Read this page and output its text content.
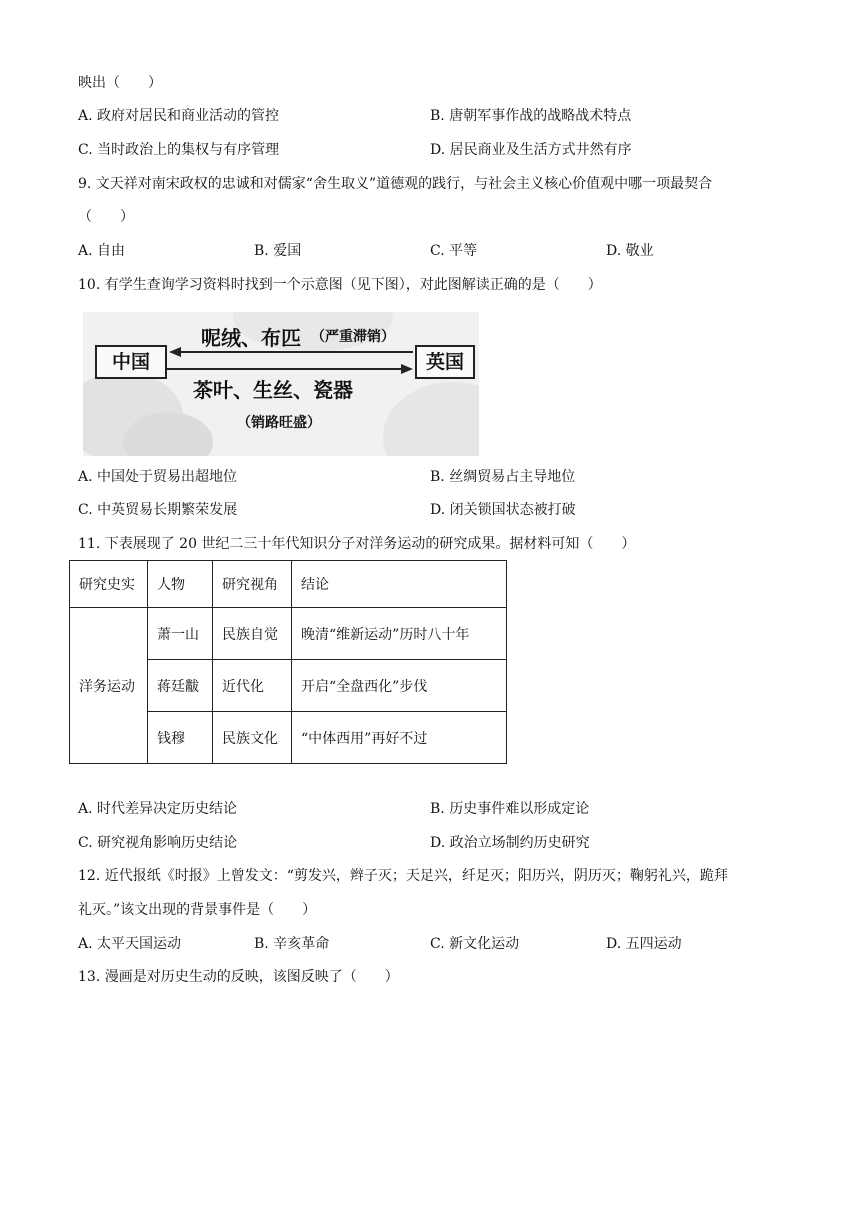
映出（　　）
A. 政府对居民和商业活动的管控	B. 唐朝军事作战的战略战术特点
C. 当时政治上的集权与有序管理	D. 居民商业及生活方式井然有序
9. 文天祥对南宋政权的忠诚和对儒家“舍生取义”道德观的践行，与社会主义核心价值观中哪一项最契合
（　　）
A. 自由	B. 爱国	C. 平等	D. 敬业
10. 有学生查询学习资料时找到一个示意图（见下图），对此图解读正确的是（　　）
中国	英国
呢绒、布匹 （严重滞销）
茶叶、生丝、瓷器
（销路旺盛）
A. 中国处于贸易出超地位	B. 丝绸贸易占主导地位
C. 中英贸易长期繁荣发展	D. 闭关锁国状态被打破
11. 下表展现了 20 世纪二三十年代知识分子对洋务运动的研究成果。据材料可知（　　）
研究史实	人物	研究视角	结论
洋务运动	萧一山	民族自觉	晚清“维新运动”历时八十年
	蒋廷黻	近代化	开启“全盘西化”步伐
	钱穆	民族文化	“中体西用”再好不过
A. 时代差异决定历史结论	B. 历史事件难以形成定论
C. 研究视角影响历史结论	D. 政治立场制约历史研究
12. 近代报纸《时报》上曾发文：“剪发兴，辫子灭；天足兴，纤足灭；阳历兴，阴历灭；鞠躬礼兴，跪拜
礼灭。”该文出现的背景事件是（　　）
A. 太平天国运动	B. 辛亥革命	C. 新文化运动	D. 五四运动
13. 漫画是对历史生动的反映，该图反映了（　　）
